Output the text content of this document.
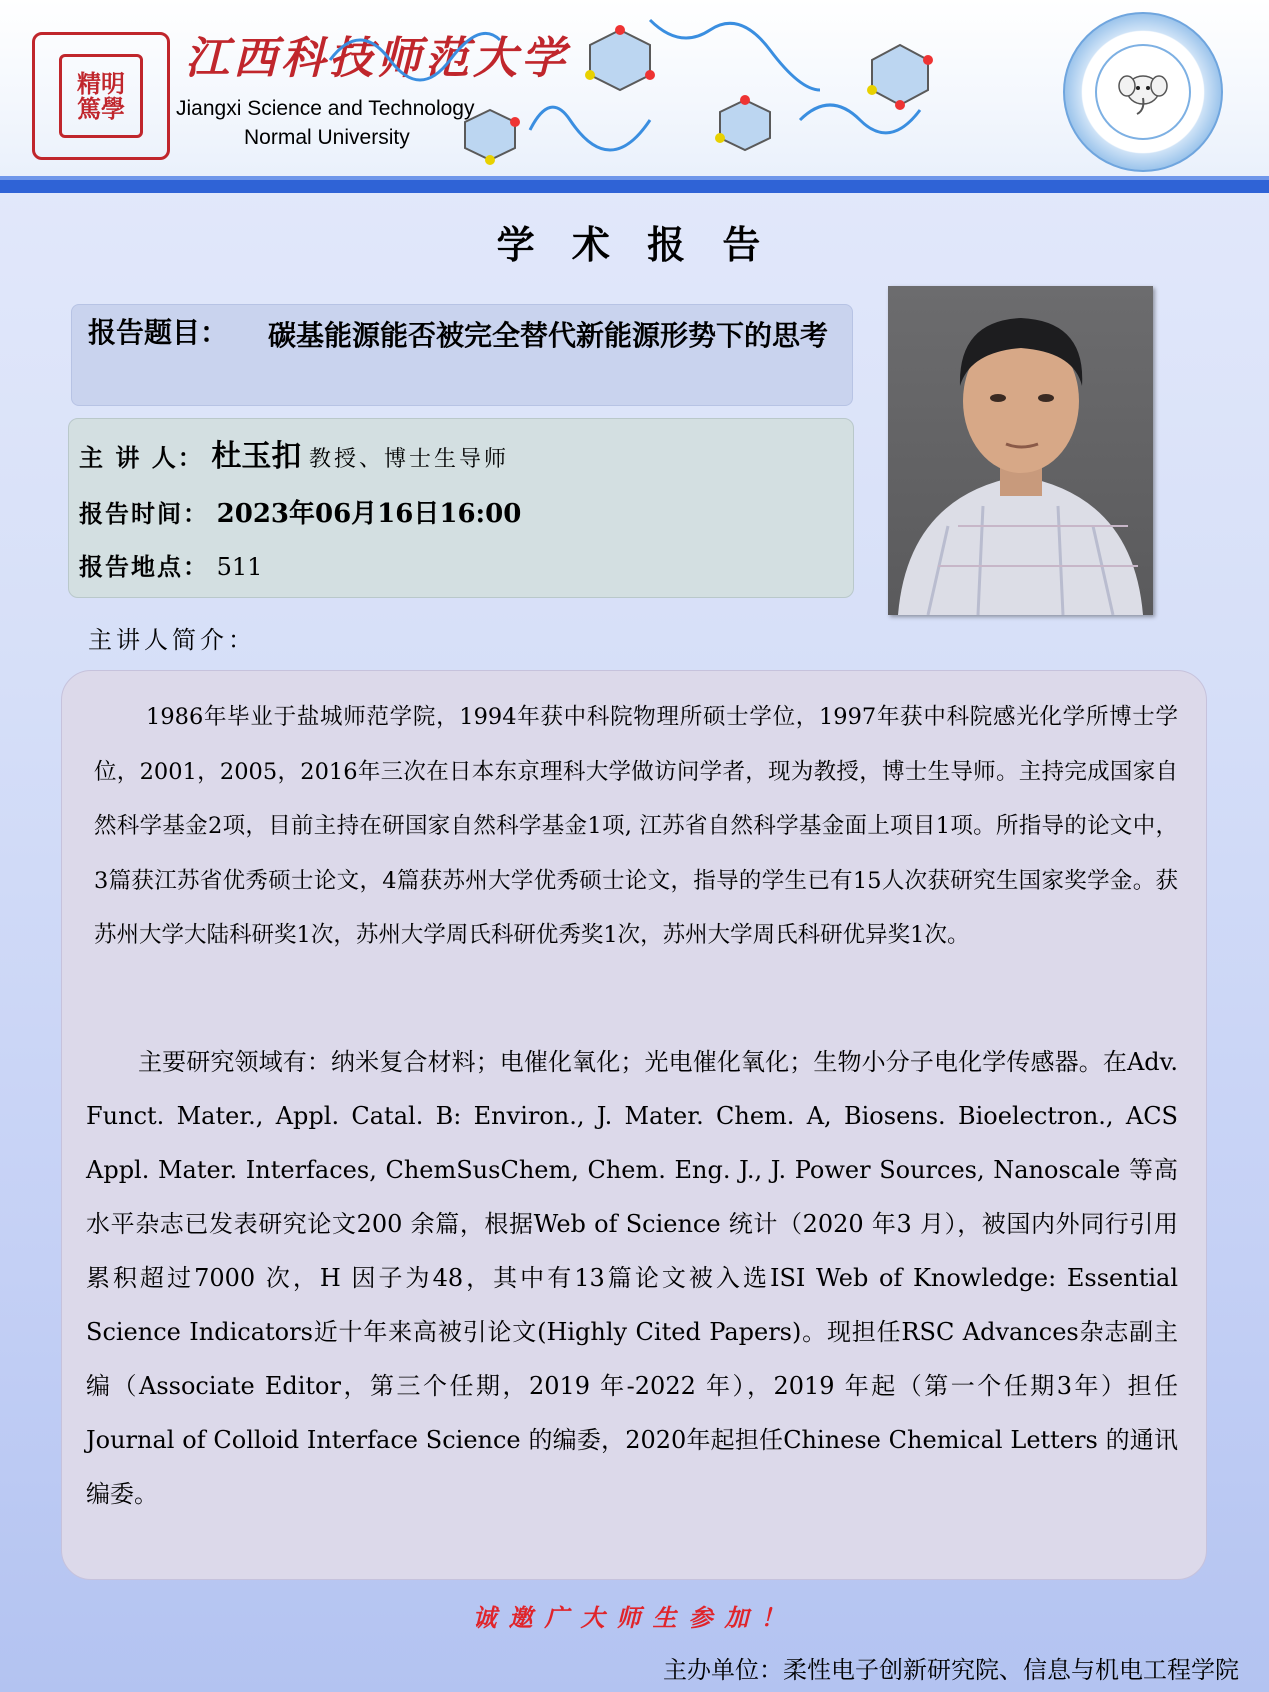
精明
篤學
江西科技师范大学
Jiangxi Science and Technology
Normal University
学 术 报 告
报告题目： 碳基能源能否被完全替代新能源形势下的思考
主 讲 人： 杜玉扣 教授、博士生导师
报告时间： 2023年06月16日16:00
报告地点： 511
主讲人简介：

1986年毕业于盐城师范学院，1994年获中科院物理所硕士学位，1997年获中科院感光化学所博士学位，2001，2005，2016年三次在日本东京理科大学做访问学者，现为教授，博士生导师。主持完成国家自然科学基金2项，目前主持在研国家自然科学基金1项, 江苏省自然科学基金面上项目1项。所指导的论文中，3篇获江苏省优秀硕士论文，4篇获苏州大学优秀硕士论文，指导的学生已有15人次获研究生国家奖学金。获苏州大学大陆科研奖1次，苏州大学周氏科研优秀奖1次，苏州大学周氏科研优异奖1次。

主要研究领域有：纳米复合材料；电催化氧化；光电催化氧化；生物小分子电化学传感器。在Adv. Funct. Mater., Appl. Catal. B: Environ., J. Mater. Chem. A, Biosens. Bioelectron., ACS Appl. Mater. Interfaces, ChemSusChem, Chem. Eng. J., J. Power Sources, Nanoscale 等高水平杂志已发表研究论文200 余篇，根据Web of Science 统计（2020 年3 月），被国内外同行引用累积超过7000 次，H 因子为48，其中有13篇论文被入选ISI Web of Knowledge: Essential Science Indicators近十年来高被引论文(Highly Cited Papers)。现担任RSC Advances杂志副主编（Associate Editor，第三个任期，2019 年-2022 年），2019 年起（第一个任期3年）担任Journal of Colloid Interface Science 的编委，2020年起担任Chinese Chemical Letters 的通讯编委。

诚邀广大师生参加！
主办单位：柔性电子创新研究院、信息与机电工程学院
